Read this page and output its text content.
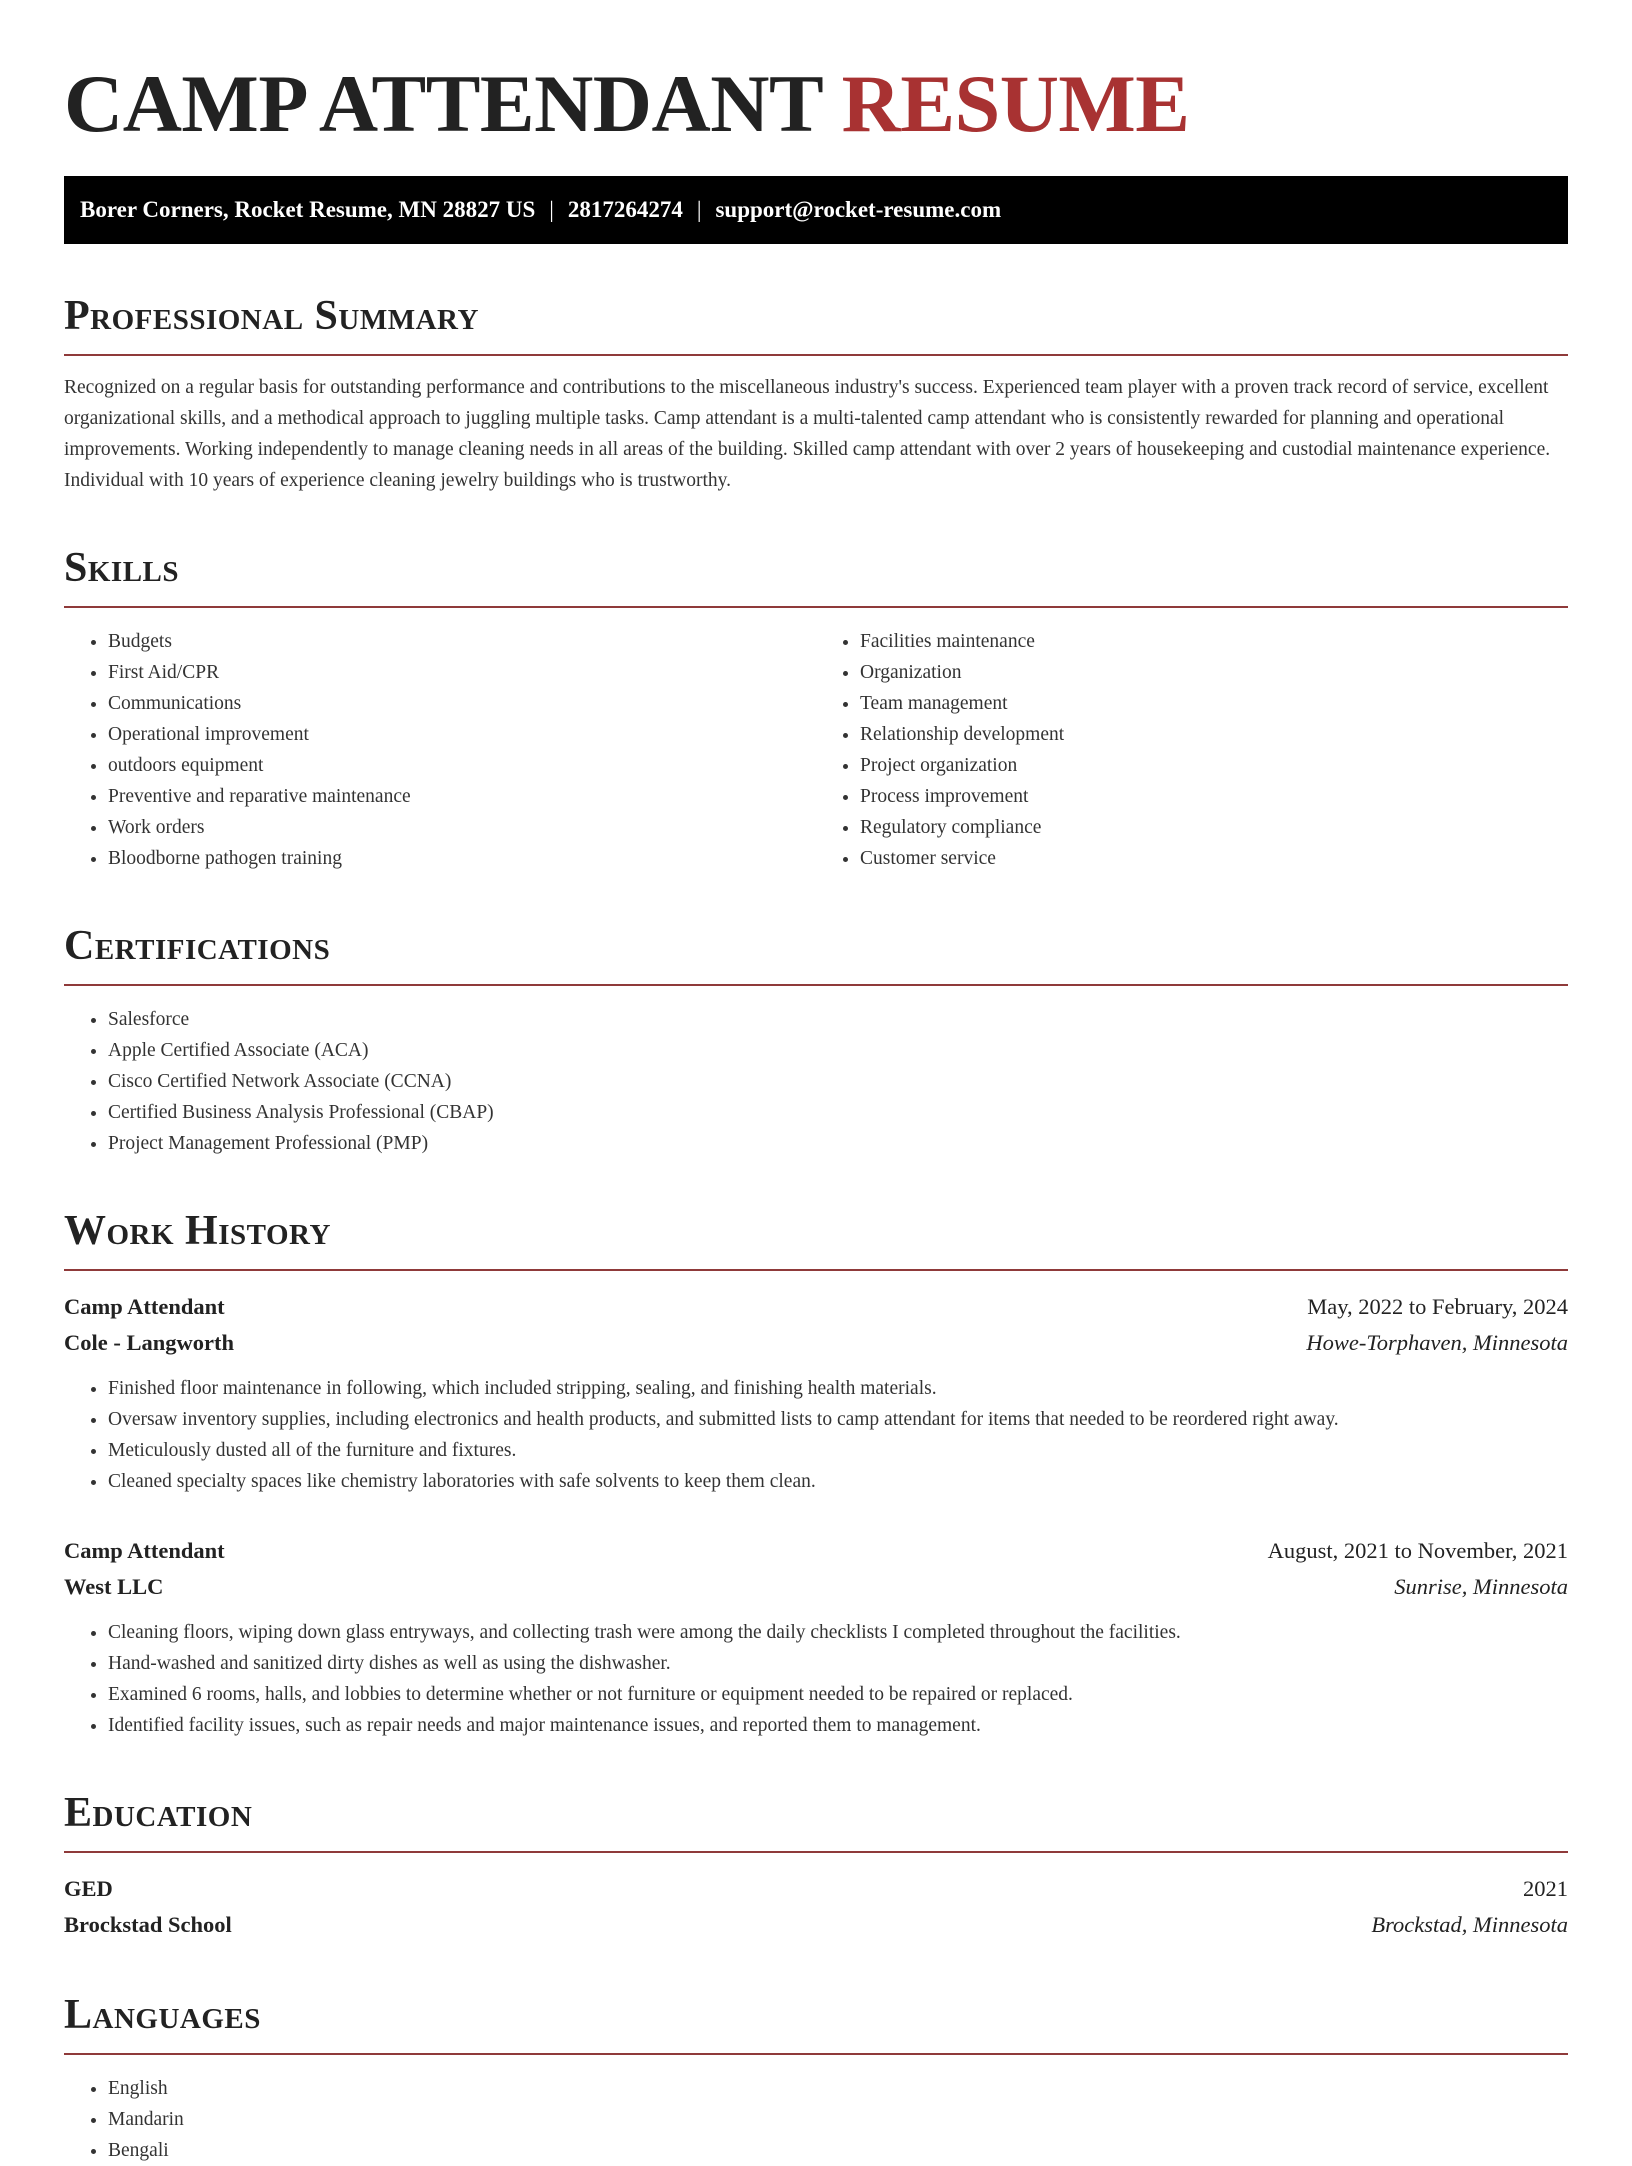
CAMP ATTENDANT RESUME
Borer Corners, Rocket Resume, MN 28827 US | 2817264274 | support@rocket-resume.com
Professional Summary

Recognized on a regular basis for outstanding performance and contributions to the miscellaneous industry's success. Experienced team player with a proven track record of service, excellent organizational skills, and a methodical approach to juggling multiple tasks. Camp attendant is a multi-talented camp attendant who is consistently rewarded for planning and operational improvements. Working independently to manage cleaning needs in all areas of the building. Skilled camp attendant with over 2 years of housekeeping and custodial maintenance experience. Individual with 10 years of experience cleaning jewelry buildings who is trustworthy.

Skills
• Budgets
• First Aid/CPR
• Communications
• Operational improvement
• outdoors equipment
• Preventive and reparative maintenance
• Work orders
• Bloodborne pathogen training
• Facilities maintenance
• Organization
• Team management
• Relationship development
• Project organization
• Process improvement
• Regulatory compliance
• Customer service
Certifications
• Salesforce
• Apple Certified Associate (ACA)
• Cisco Certified Network Associate (CCNA)
• Certified Business Analysis Professional (CBAP)
• Project Management Professional (PMP)
Work History
Camp Attendant	May, 2022 to February, 2024
Cole - Langworth	Howe-Torphaven, Minnesota
• Finished floor maintenance in following, which included stripping, sealing, and finishing health materials.
• Oversaw inventory supplies, including electronics and health products, and submitted lists to camp attendant for items that needed to be reordered right away.
• Meticulously dusted all of the furniture and fixtures.
• Cleaned specialty spaces like chemistry laboratories with safe solvents to keep them clean.
Camp Attendant	August, 2021 to November, 2021
West LLC	Sunrise, Minnesota
• Cleaning floors, wiping down glass entryways, and collecting trash were among the daily checklists I completed throughout the facilities.
• Hand-washed and sanitized dirty dishes as well as using the dishwasher.
• Examined 6 rooms, halls, and lobbies to determine whether or not furniture or equipment needed to be repaired or replaced.
• Identified facility issues, such as repair needs and major maintenance issues, and reported them to management.
Education
GED	2021
Brockstad School	Brockstad, Minnesota
Languages
• English
• Mandarin
• Bengali
